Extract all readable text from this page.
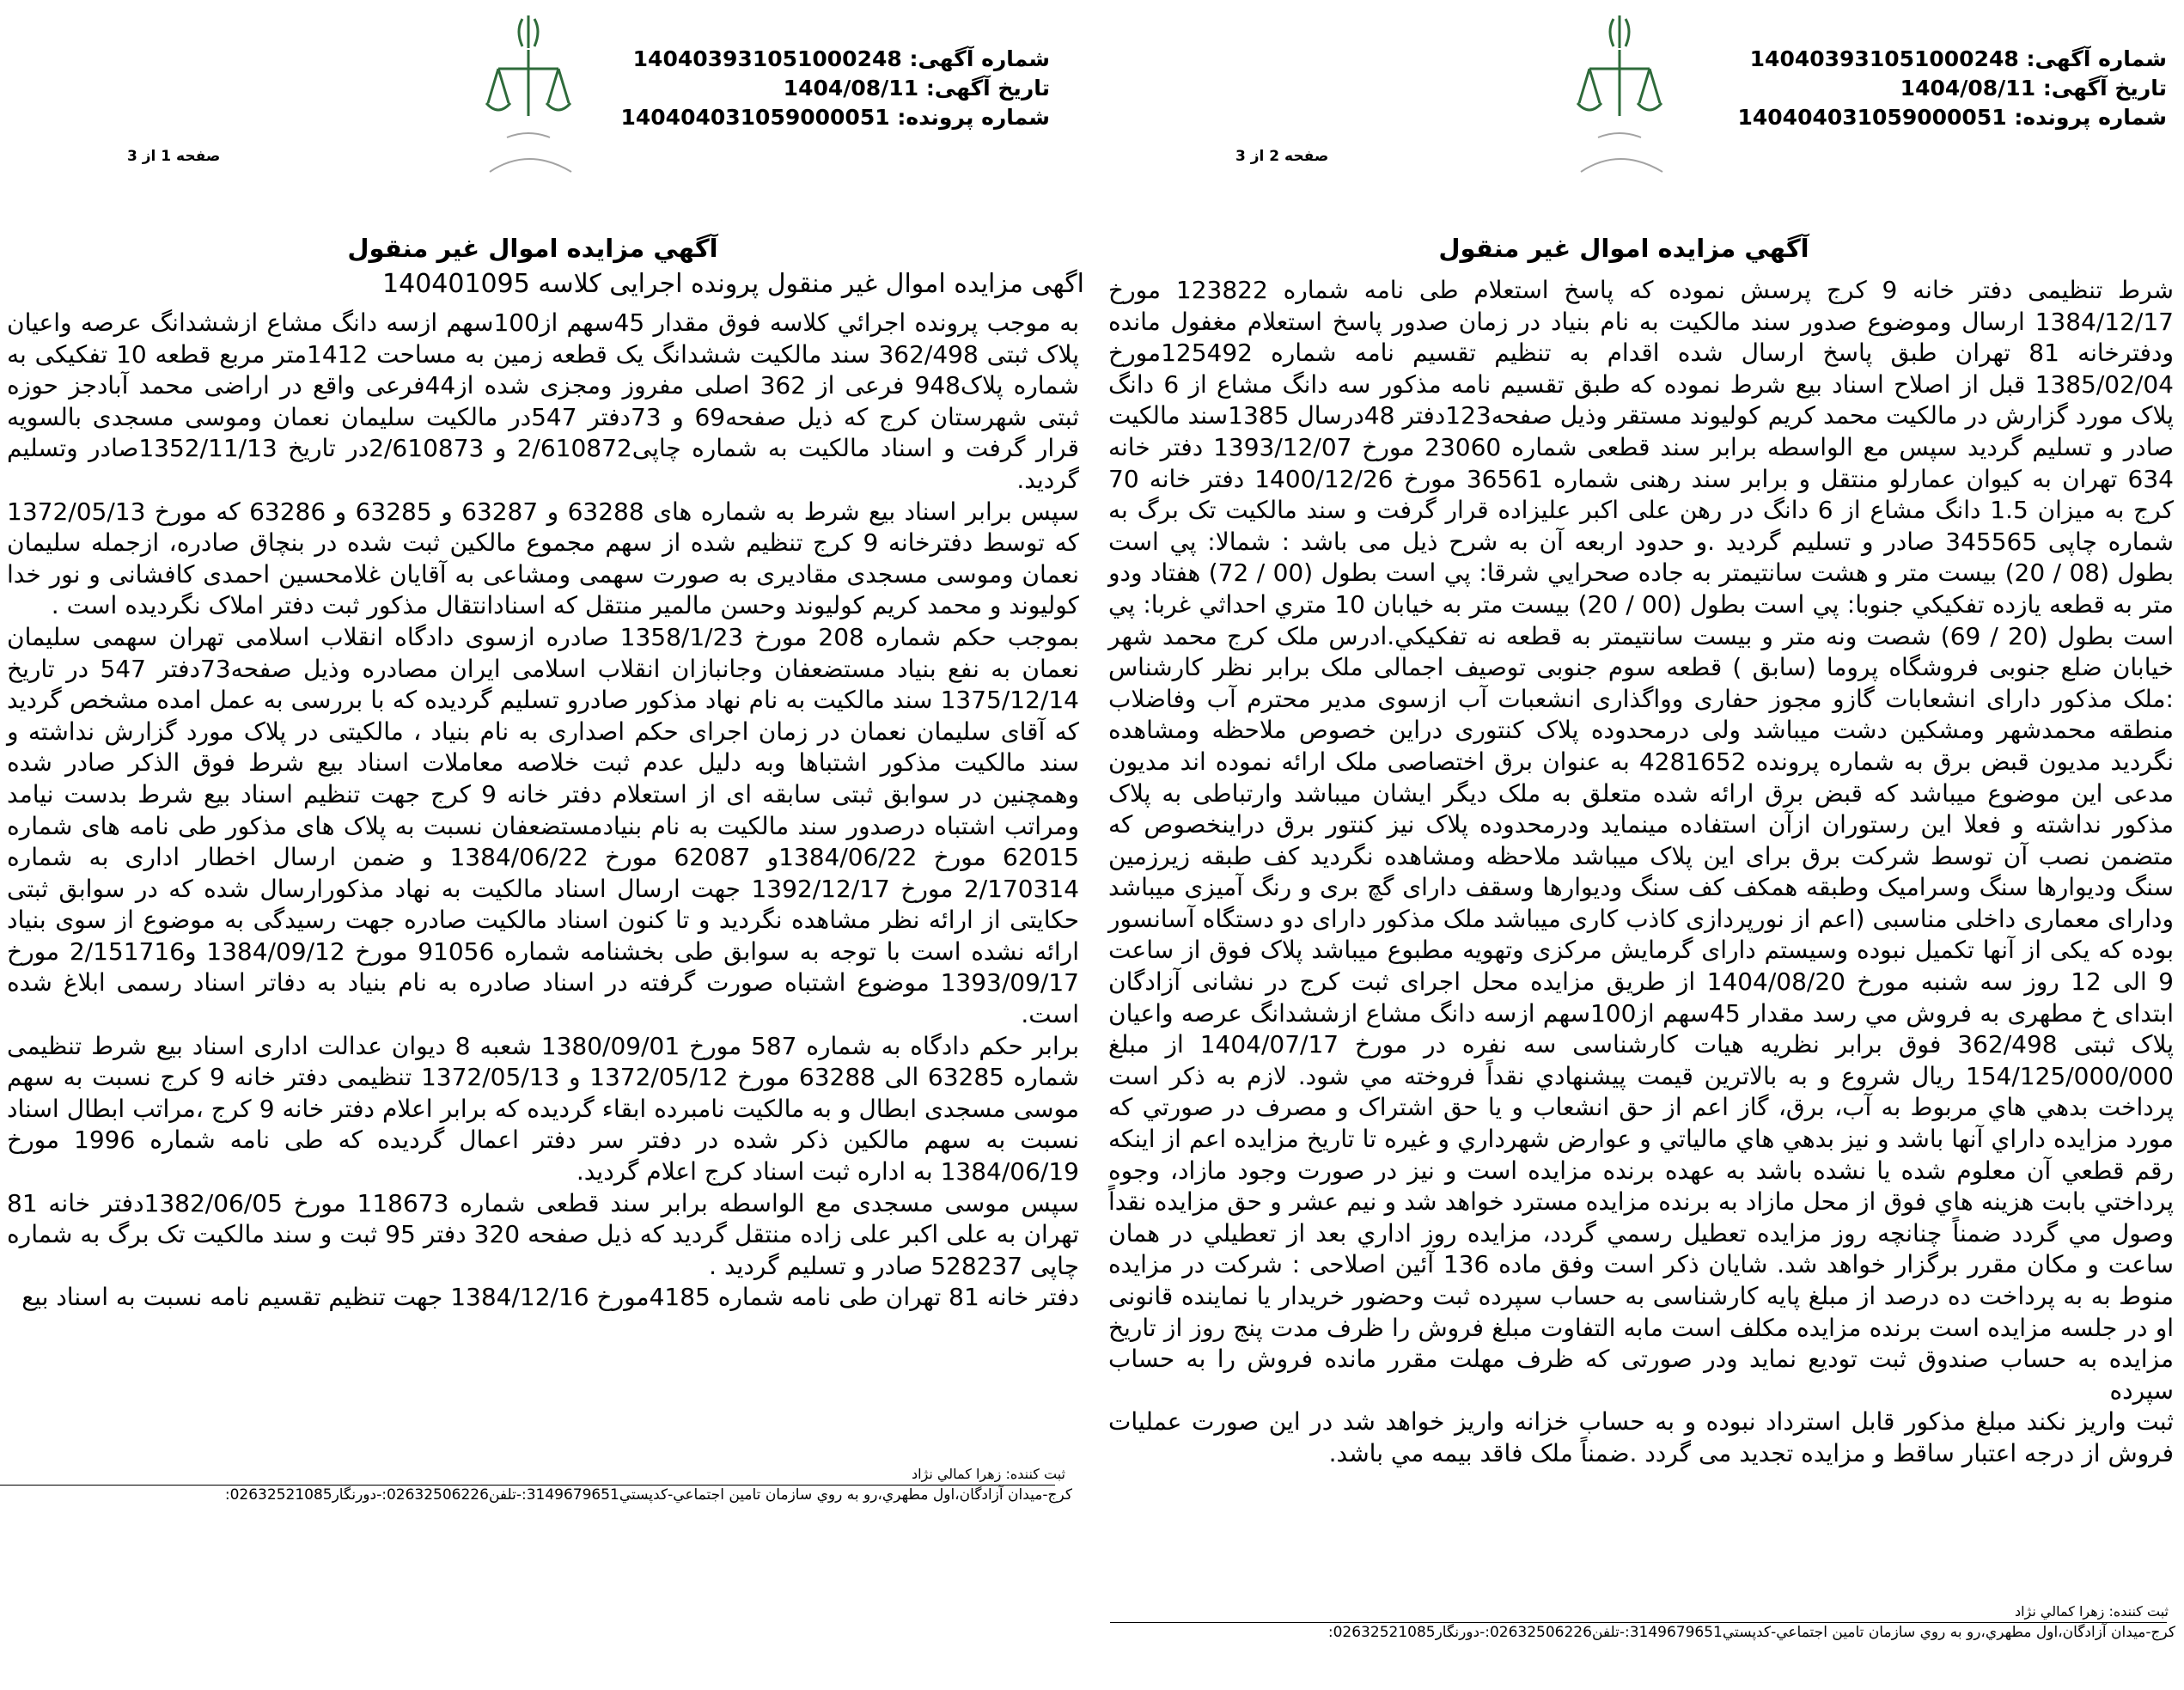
شماره آگهی: 140403931051000248
تاریخ آگهی: 1404/08/11
شماره پرونده: 140404031059000051
صفحه 1 از 3
آگهي مزايده اموال غير منقول
اگهی مزایده اموال غیر منقول پرونده اجرایی کلاسه 140401095

به موجب پرونده اجرائي كلاسه فوق مقدار 45سهم از100سهم ازسه دانگ مشاع ازششدانگ عرصه واعیان پلاک ثبتی 362/498 سند مالکیت ششدانگ یک قطعه زمین به مساحت 1412متر مربع قطعه 10 تفکیکی به شماره پلاک948 فرعی از 362 اصلی مفروز ومجزی شده از44فرعی واقع در اراضی محمد آبادجز حوزه ثبتی شهرستان کرج که ذیل صفحه69 و 73دفتر 547در مالکیت سلیمان نعمان وموسی مسجدی بالسویه قرار گرفت و اسناد مالکیت به شماره چاپی2/610872 و 2/610873در تاریخ 1352/11/13صادر وتسلیم گردید.

سپس برابر اسناد بیع شرط به شماره های 63288 و 63287 و 63285 و 63286 که مورخ 1372/05/13 که توسط دفترخانه 9 کرج تنظیم شده از سهم مجموع مالکین ثبت شده در بنچاق صادره، ازجمله سلیمان نعمان وموسی مسجدی مقادیری به صورت سهمی ومشاعی به آقایان غلامحسین احمدی کافشانی و نور خدا کولیوند و محمد کریم کولیوند وحسن مالمیر منتقل که اسنادانتقال مذکور ثبت دفتر املاک نگردیده است .

بموجب حکم شماره 208 مورخ 1358/1/23 صادره ازسوی دادگاه انقلاب اسلامی تهران سهمی سلیمان نعمان به نفع بنیاد مستضعفان وجانبازان انقلاب اسلامی ایران مصادره وذیل صفحه73دفتر 547 در تاریخ 1375/12/14 سند مالکیت به نام نهاد مذکور صادرو تسلیم گردیده که با بررسی به عمل امده مشخص گردید که آقای سلیمان نعمان در زمان اجرای حکم اصداری به نام بنیاد ، مالکیتی در پلاک مورد گزارش نداشته و سند مالکیت مذکور اشتباها وبه دلیل عدم ثبت خلاصه معاملات اسناد بیع شرط فوق الذکر صادر شده وهمچنین در سوابق ثبتی سابقه ای از استعلام دفتر خانه 9 کرج جهت تنظیم اسناد بیع شرط بدست نیامد ومراتب اشتباه درصدور سند مالکیت به نام بنیادمستضعفان نسبت به پلاک های مذکور طی نامه های شماره 62015 مورخ 1384/06/22و 62087 مورخ 1384/06/22 و ضمن ارسال اخطار اداری به شماره 2/170314 مورخ 1392/12/17 جهت ارسال اسناد مالکیت به نهاد مذکورارسال شده که در سوابق ثبتی حکایتی از ارائه نظر مشاهده نگردید و تا کنون اسناد مالکیت صادره جهت رسیدگی به موضوع از سوی بنیاد ارائه نشده است با توجه به سوابق طی بخشنامه شماره 91056 مورخ 1384/09/12 و2/151716 مورخ 1393/09/17 موضوع اشتباه صورت گرفته در اسناد صادره به نام بنیاد به دفاتر اسناد رسمی ابلاغ شده است.

برابر حکم دادگاه به شماره 587 مورخ 1380/09/01 شعبه 8 دیوان عدالت اداری اسناد بیع شرط تنظیمی شماره 63285 الی 63288 مورخ 1372/05/12 و 1372/05/13 تنظیمی دفتر خانه 9 کرج نسبت به سهم موسی مسجدی ابطال و به مالکیت نامبرده ابقاء گردیده که برابر اعلام دفتر خانه 9 کرج ،مراتب ابطال اسناد نسبت به سهم مالکین ذکر شده در دفتر سر دفتر اعمال گردیده که طی نامه شماره 1996 مورخ 1384/06/19 به اداره ثبت اسناد کرج اعلام گردید.

سپس موسی مسجدی مع الواسطه برابر سند قطعی شماره 118673 مورخ 1382/06/05دفتر خانه 81 تهران به علی اکبر علی زاده منتقل گردید که ذیل صفحه 320 دفتر 95 ثبت و سند مالکیت تک برگ به شماره چاپی 528237 صادر و تسلیم گردید .

دفتر خانه 81 تهران طی نامه شماره 4185مورخ 1384/12/16 جهت تنظیم تقسیم نامه نسبت به اسناد بیع

ثبت کننده: زهرا کمالي نژاد
کرج-میدان آزادگان،اول مطهري،رو به روي سازمان تامین اجتماعي-کدپستي3149679651:-تلفن02632506226:-دورنگار02632521085:
شماره آگهی: 140403931051000248
تاریخ آگهی: 1404/08/11
شماره پرونده: 140404031059000051
صفحه 2 از 3
آگهي مزايده اموال غير منقول

شرط تنظیمی دفتر خانه 9 کرج پرسش نموده که پاسخ استعلام طی نامه شماره 123822 مورخ 1384/12/17 ارسال وموضوع صدور سند مالکیت به نام بنیاد در زمان صدور پاسخ استعلام مغفول مانده ودفترخانه 81 تهران طبق پاسخ ارسال شده اقدام به تنظیم تقسیم نامه شماره 125492مورخ 1385/02/04 قبل از اصلاح اسناد بیع شرط نموده که طبق تقسیم نامه مذکور سه دانگ مشاع از 6 دانگ پلاک مورد گزارش در مالکیت محمد کریم کولیوند مستقر وذیل صفحه123دفتر 48درسال 1385سند مالکیت صادر و تسلیم گردید سپس مع الواسطه برابر سند قطعی شماره 23060 مورخ 1393/12/07 دفتر خانه 634 تهران به کیوان عمارلو منتقل و برابر سند رهنی شماره 36561 مورخ 1400/12/26 دفتر خانه 70 کرج به میزان 1.5 دانگ مشاع از 6 دانگ در رهن علی اکبر علیزاده قرار گرفت و سند مالکیت تک برگ به شماره چاپی 345565 صادر و تسلیم گردید .و حدود اربعه آن به شرح ذیل می باشد : شمالا: پي است بطول (08 / 20) بیست متر و هشت سانتیمتر به جاده صحرايي شرقا: پي است بطول (00 / 72) هفتاد ودو متر به قطعه یازده تفکیکي جنوبا: پي است بطول (00 / 20) بیست متر به خیابان 10 متري احداثي غربا: پي است بطول (20 / 69) شصت ونه متر و بیست سانتیمتر به قطعه نه تفکیکي.ادرس ملک کرج محمد شهر خیابان ضلع جنوبی فروشگاه پروما (سابق ) قطعه سوم جنوبی توصیف اجمالی ملک برابر نظر کارشناس :ملک مذکور دارای انشعابات گازو مجوز حفاری وواگذاری انشعبات آب ازسوی مدیر محترم آب وفاضلاب منطقه محمدشهر ومشکین دشت میباشد ولی درمحدوده پلاک کنتوری دراین خصوص ملاحظه ومشاهده نگردید مدیون قبض برق به شماره پرونده 4281652 به عنوان برق اختصاصی ملک ارائه نموده اند مدیون مدعی این موضوع میباشد که قبض برق ارائه شده متعلق به ملک دیگر ایشان میباشد وارتباطی به پلاک مذکور نداشته و فعلا این رستوران ازآن استفاده مینماید ودرمحدوده پلاک نیز کنتور برق دراینخصوص که متضمن نصب آن توسط شرکت برق برای این پلاک میباشد ملاحظه ومشاهده نگردید کف طبقه زیرزمین سنگ ودیوارها سنگ وسرامیک وطبقه همکف کف سنگ ودیوارها وسقف دارای گچ بری و رنگ آمیزی میباشد ودارای معماری داخلی مناسبی (اعم از نورپردازی کاذب کاری میباشد ملک مذکور دارای دو دستگاه آسانسور بوده که یکی از آنها تکمیل نبوده وسیستم دارای گرمایش مرکزی وتهویه مطبوع میباشد پلاک فوق از ساعت 9 الی 12 روز سه شنبه مورخ 1404/08/20 از طریق مزایده محل اجرای ثبت کرج در نشانی آزادگان ابتدای خ مطهری به فروش مي رسد مقدار 45سهم از100سهم ازسه دانگ مشاع ازششدانگ عرصه واعیان پلاک ثبتی 362/498 فوق برابر نظریه هیات کارشناسی سه نفره در مورخ 1404/07/17 از مبلغ 154/125/000/000 ریال شروع و به بالاترین قیمت پیشنهادي نقداً فروخته مي شود. لازم به ذکر است پرداخت بدهي هاي مربوط به آب، برق، گاز اعم از حق انشعاب و یا حق اشتراک و مصرف در صورتي که مورد مزایده داراي آنها باشد و نیز بدهي هاي مالیاتي و عوارض شهرداري و غیره تا تاریخ مزایده اعم از اینکه رقم قطعي آن معلوم شده یا نشده باشد به عهده برنده مزایده است و نیز در صورت وجود مازاد، وجوه پرداختي بابت هزینه هاي فوق از محل مازاد به برنده مزایده مسترد خواهد شد و نیم عشر و حق مزایده نقداً وصول مي گردد ضمناً چنانچه روز مزایده تعطیل رسمي گردد، مزایده روز اداري بعد از تعطیلي در همان ساعت و مکان مقرر برگزار خواهد شد. شایان ذکر است وفق ماده 136 آئین اصلاحی : شرکت در مزایده منوط به به پرداخت ده درصد از مبلغ پایه کارشناسی به حساب سپرده ثبت وحضور خریدار یا نماینده قانونی او در جلسه مزایده است برنده مزایده مکلف است مابه التفاوت مبلغ فروش را ظرف مدت پنج روز از تاریخ مزایده به حساب صندوق ثبت تودیع نماید ودر صورتی که ظرف مهلت مقرر مانده فروش را به حساب سپرده

ثبت واریز نکند مبلغ مذکور قابل استرداد نبوده و به حساب خزانه واریز خواهد شد در این صورت عملیات فروش از درجه اعتبار ساقط و مزایده تجدید می گردد .ضمناً ملک فاقد بیمه مي باشد.

ثبت کننده: زهرا کمالي نژاد
کرج-میدان آزادگان،اول مطهري،رو به روي سازمان تامین اجتماعي-کدپستي3149679651:-تلفن02632506226:-دورنگار02632521085:
